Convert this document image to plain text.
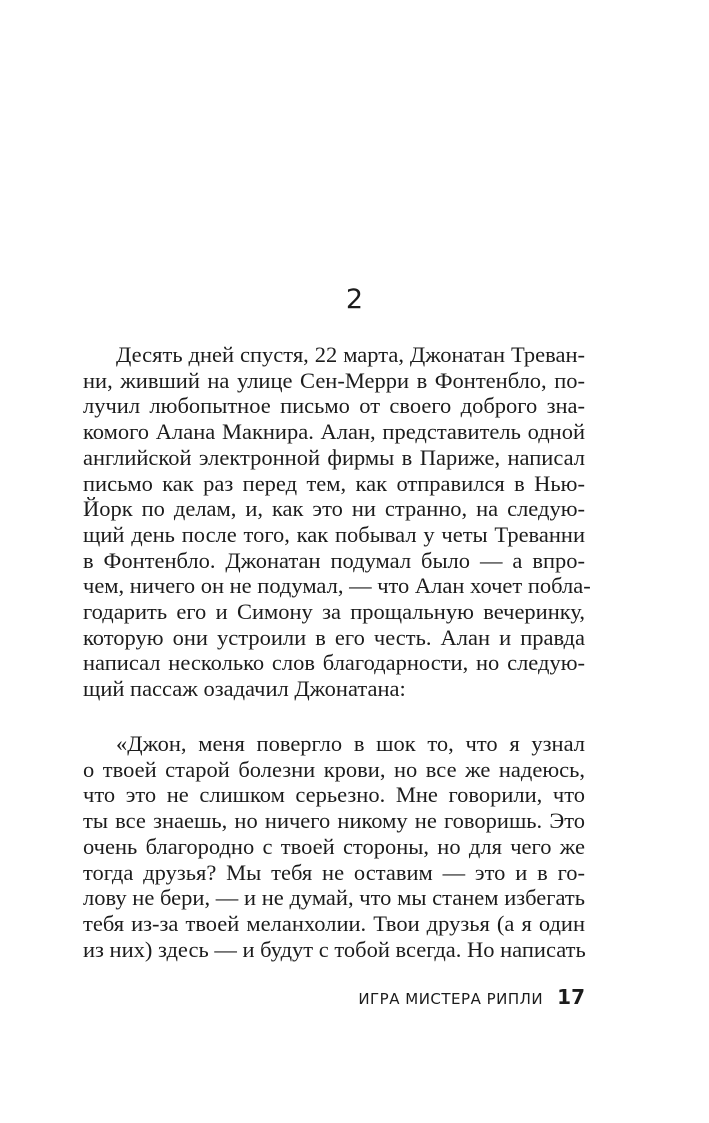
2
Десять дней спустя, 22 марта, Джонатан Треван-
ни, живший на улице Сен-Мерри в Фонтенбло, по-
лучил любопытное письмо от своего доброго зна-
комого Алана Макнира. Алан, представитель одной
английской электронной фирмы в Париже, написал
письмо как раз перед тем, как отправился в Нью-
Йорк по делам, и, как это ни странно, на следую-
щий день после того, как побывал у четы Треванни
в Фонтенбло. Джонатан подумал было — а впро-
чем, ничего он не подумал, — что Алан хочет побла-
годарить его и Симону за прощальную вечеринку,
которую они устроили в его честь. Алан и правда
написал несколько слов благодарности, но следую-
щий пассаж озадачил Джонатана:
«Джон, меня повергло в шок то, что я узнал
о твоей старой болезни крови, но все же надеюсь,
что это не слишком серьезно. Мне говорили, что
ты все знаешь, но ничего никому не говоришь. Это
очень благородно с твоей стороны, но для чего же
тогда друзья? Мы тебя не оставим — это и в го-
лову не бери, — и не думай, что мы станем избегать
тебя из-за твоей меланхолии. Твои друзья (а я один
из них) здесь — и будут с тобой всегда. Но написать
ИГРА МИСТЕРА РИПЛИ 17
